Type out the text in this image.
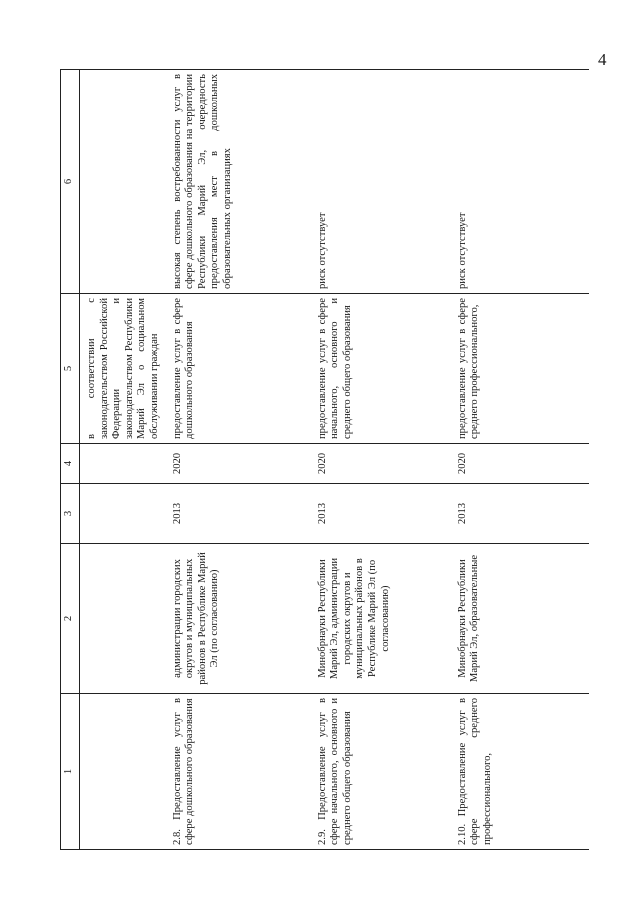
4
1	2	3	4	5	6
				в соответствии с законодательством Российской Федерации и законодательством Республики Марий Эл о социальном обслуживании граждан	
2.8. Предоставление услуг в сфере дошкольного образования	администрации городских округов и муниципальных районов в Республике Марий Эл (по согласованию)	2013	2020	предоставление услуг в сфере дошкольного образования	высокая степень востребованности услуг в сфере дошкольного образования на территории Республики Марий Эл, очередность предоставления мест в дошкольных образовательных организациях
2.9. Предоставление услуг в сфере начального, основного и среднего общего образования	Минобрнауки Республики Марий Эл, администрации городских округов и муниципальных районов в Республике Марий Эл (по согласованию)	2013	2020	предоставление услуг в сфере начального, основного и среднего общего образования	риск отсутствует
2.10. Предоставление услуг в сфере среднего профессионального,	Минобрнауки Республики Марий Эл, образовательные	2013	2020	предоставление услуг в сфере среднего профессионального,	риск отсутствует
